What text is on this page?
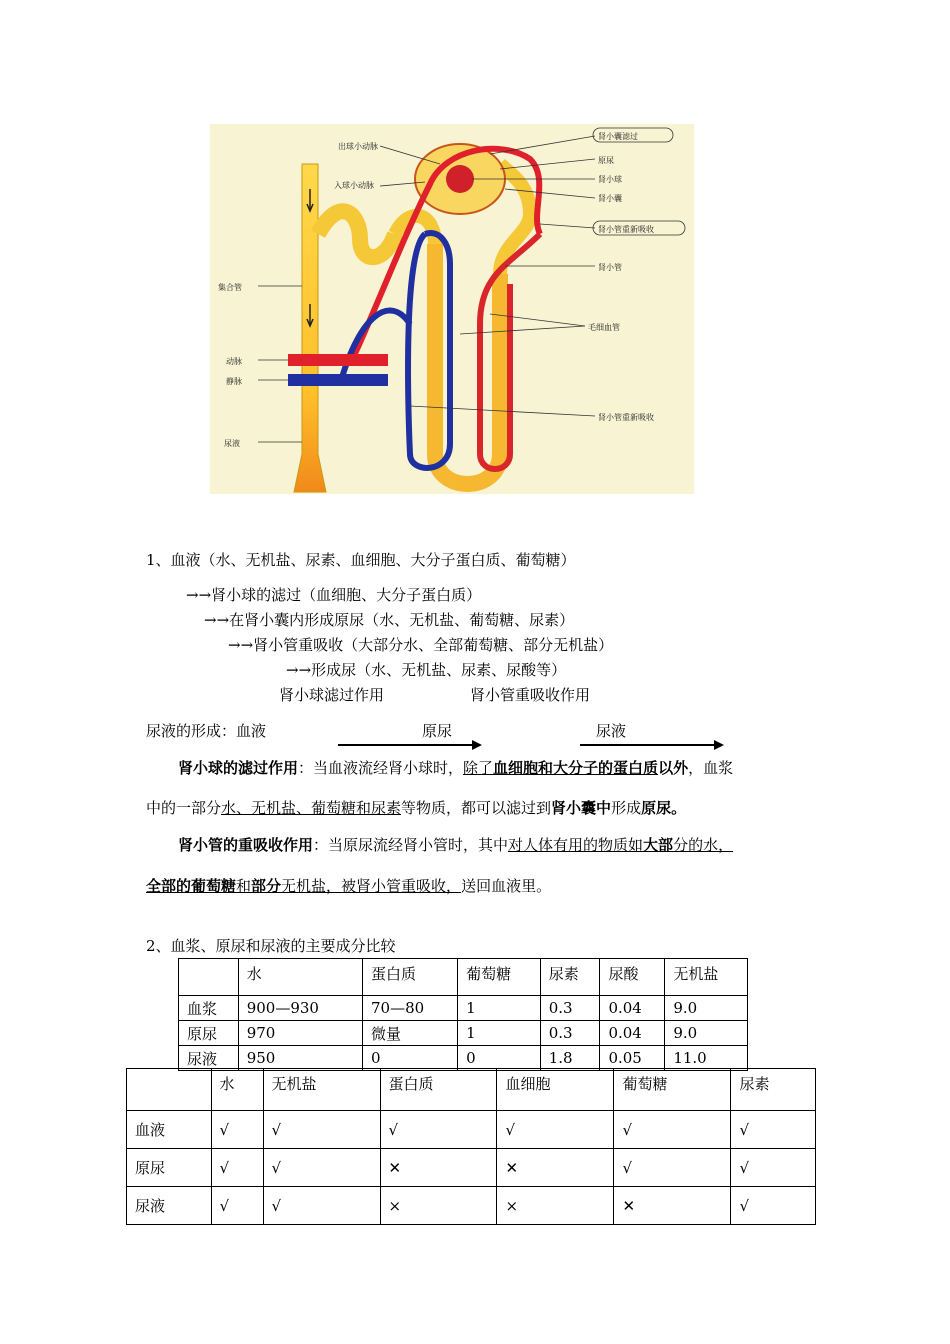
出球小动脉
入球小动脉
集合管
动脉
静脉
尿液
肾小囊滤过
原尿
肾小球
肾小囊
肾小管重新吸收
肾小管
毛细血管
肾小管重新吸收
1、血液（水、无机盐、尿素、血细胞、大分子蛋白质、葡萄糖）
→→肾小球的滤过（血细胞、大分子蛋白质）
→→在肾小囊内形成原尿（水、无机盐、葡萄糖、尿素）
→→肾小管重吸收（大部分水、全部葡萄糖、部分无机盐）
→→形成尿（水、无机盐、尿素、尿酸等）
肾小球滤过作用	肾小管重吸收作用
尿液的形成：血液	原尿	尿液
肾小球的滤过作用：当血液流经肾小球时，除了血细胞和大分子的蛋白质以外，血浆
中的一部分水、无机盐、葡萄糖和尿素等物质，都可以滤过到肾小囊中形成原尿。
肾小管的重吸收作用：当原尿流经肾小管时，其中对人体有用的物质如大部分的水，
全部的葡萄糖和部分无机盐，被肾小管重吸收，送回血液里。
2、血浆、原尿和尿液的主要成分比较
	水	蛋白质	葡萄糖	尿素	尿酸	无机盐
血浆	900—930	70—80	1	0.3	0.04	9.0
原尿	970	微量	1	0.3	0.04	9.0
尿液	950	0	0	1.8	0.05	11.0
	水	无机盐	蛋白质	血细胞	葡萄糖	尿素
血液	√	√	√	√	√	√
原尿	√	√	✕	✕	√	√
尿液	√	√	×	×	✕	√
